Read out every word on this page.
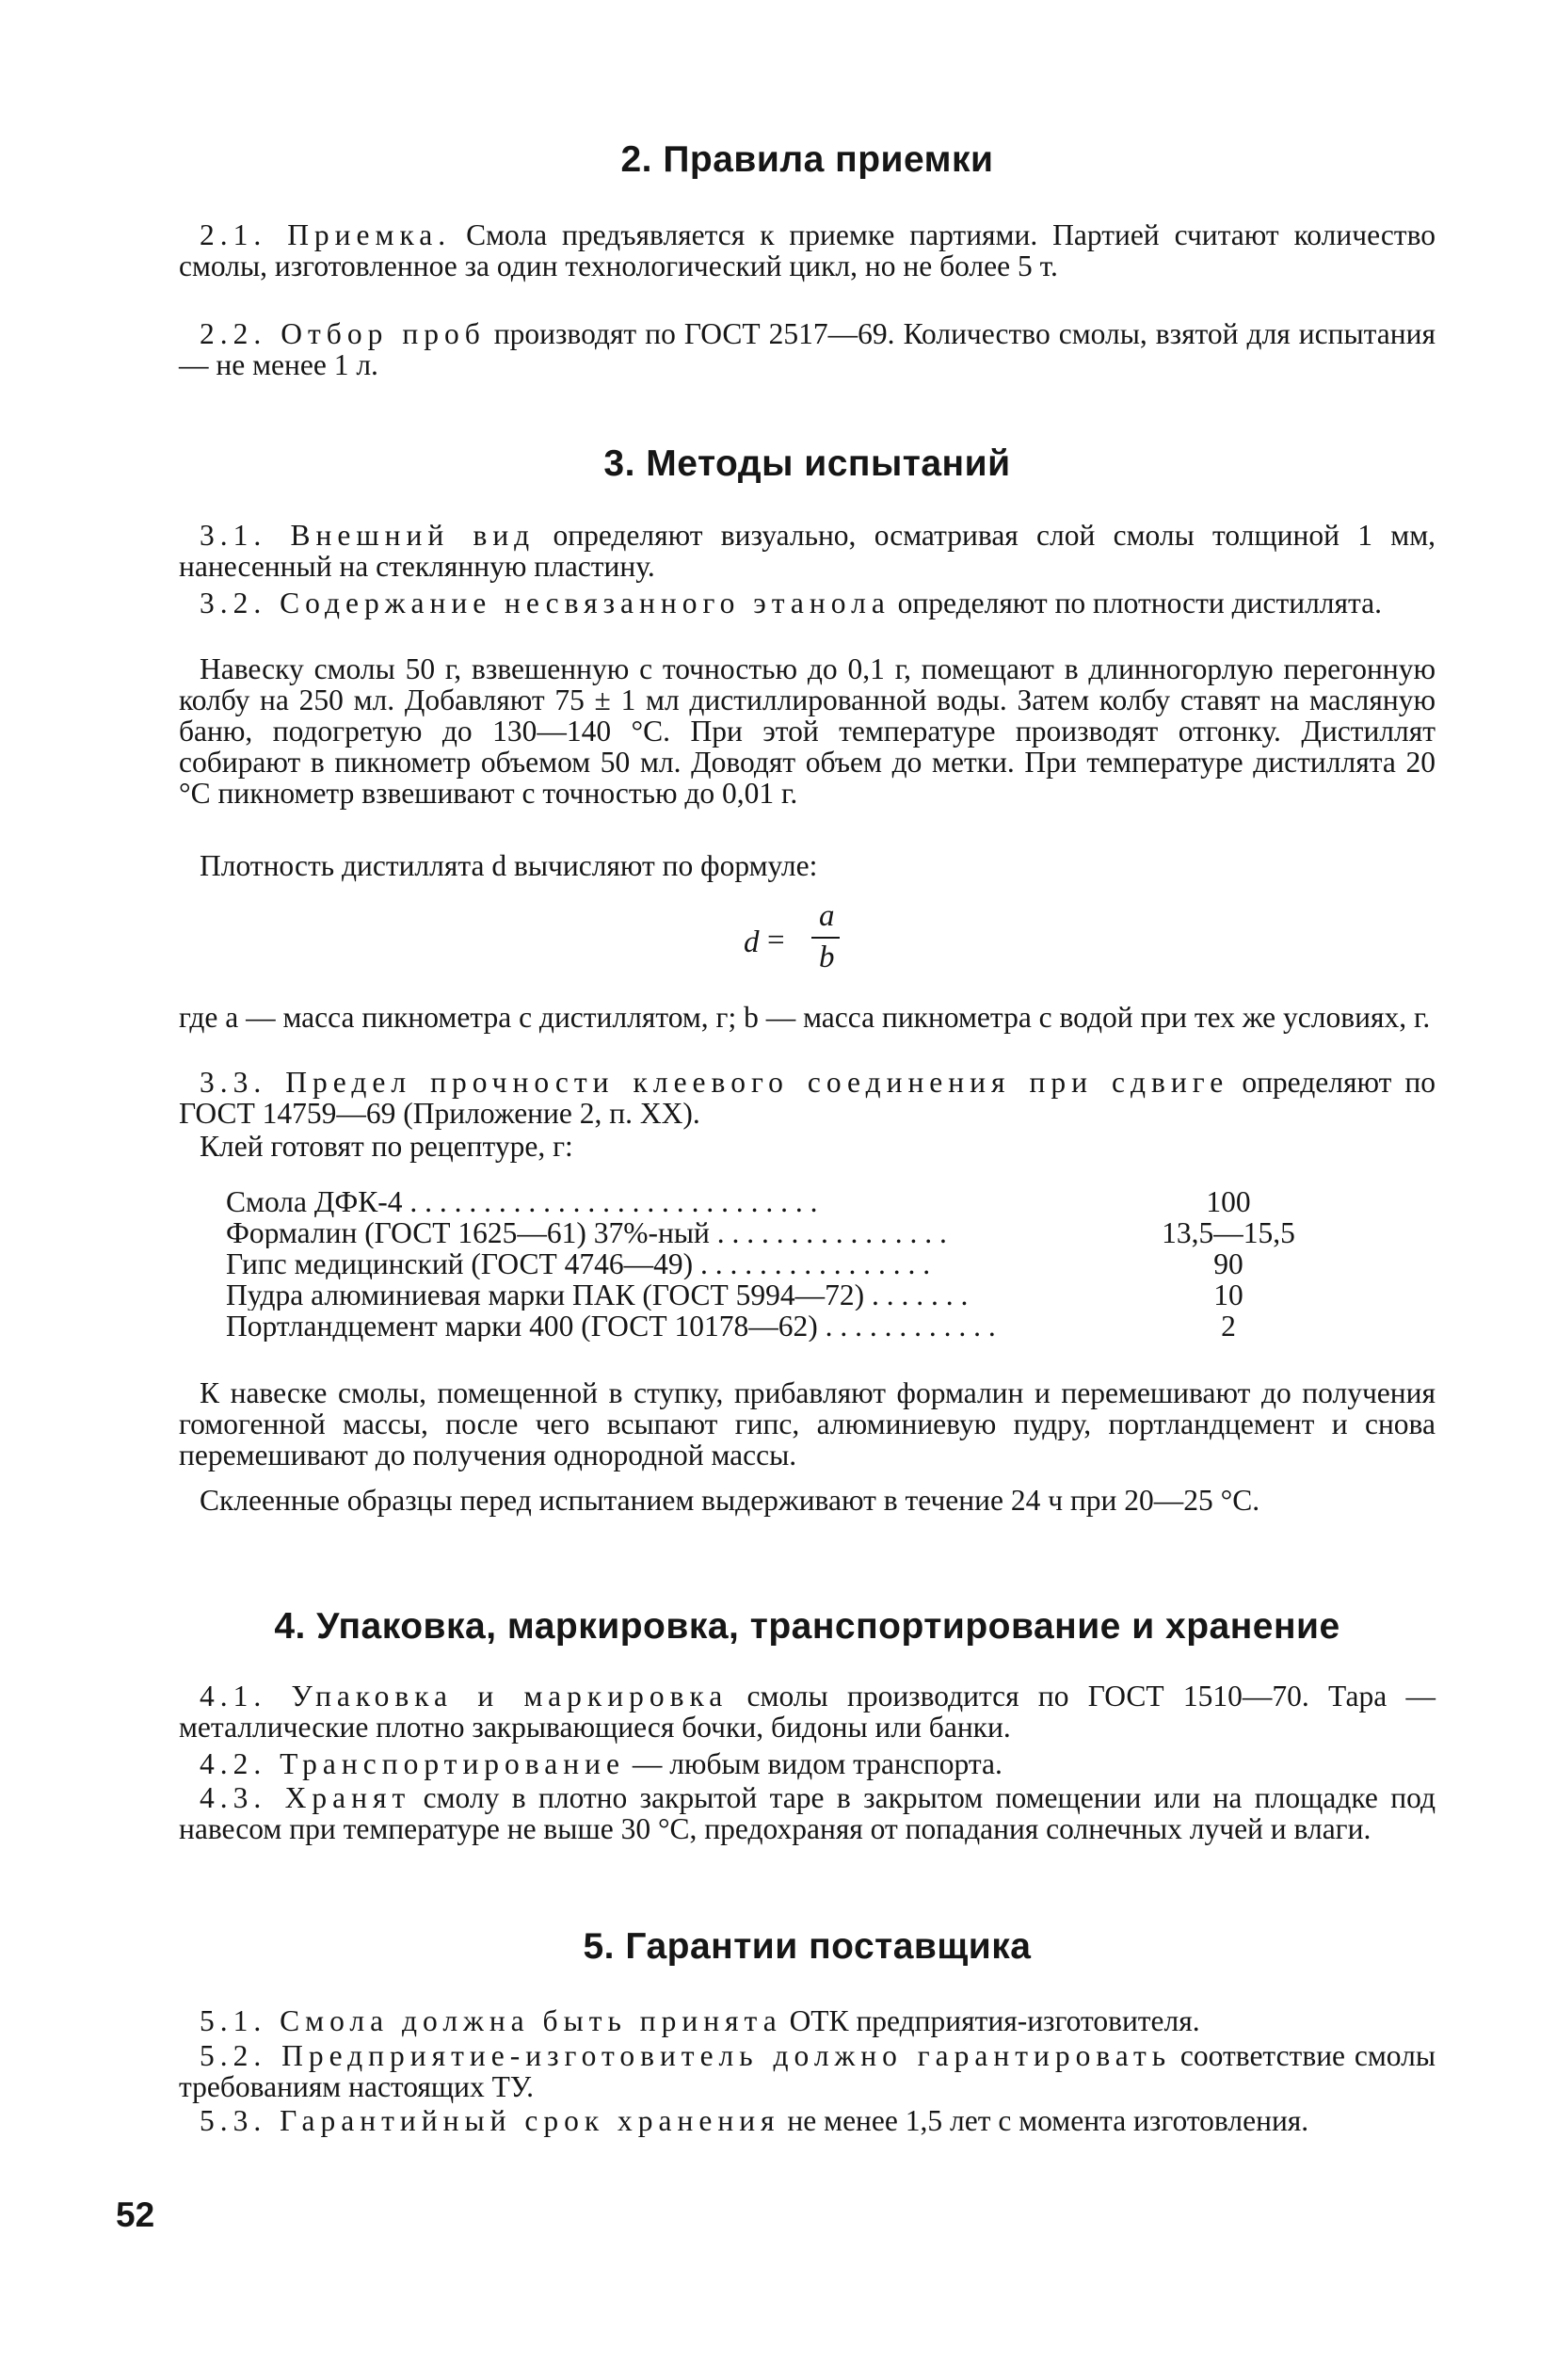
2. Правила приемки

2.1. Приемка. Смола предъявляется к приемке партиями. Партией считают количество смолы, изготовленное за один технологический цикл, но не более 5 т.

2.2. Отбор проб производят по ГОСТ 2517—69. Количество смолы, взятой для испытания — не менее 1 л.

3. Методы испытаний

3.1. Внешний вид определяют визуально, осматривая слой смолы толщиной 1 мм, нанесенный на стеклянную пластину.

3.2. Содержание несвязанного этанола определяют по плотности дистиллята.

Навеску смолы 50 г, взвешенную с точностью до 0,1 г, помещают в длинногорлую перегонную колбу на 250 мл. Добавляют 75 ± 1 мл дистиллированной воды. Затем колбу ставят на масляную баню, подогретую до 130—140 °С. При этой температуре производят отгонку. Дистиллят собирают в пикнометр объемом 50 мл. Доводят объем до метки. При температуре дистиллята 20 °С пикнометр взвешивают с точностью до 0,01 г.

Плотность дистиллята d вычисляют по формуле:

d =
a
b

где a — масса пикнометра с дистиллятом, г; b — масса пикнометра с водой при тех же условиях, г.

3.3. Предел прочности клеевого соединения при сдвиге определяют по ГОСТ 14759—69 (Приложение 2, п. XX).

Клей готовят по рецептуре, г:

Смола ДФК-4 . . . . . . . . . . . . . . . . . . . . . . . . . . . .	100
Формалин (ГОСТ 1625—61) 37%-ный . . . . . . . . . . . . . . . .	13,5—15,5
Гипс медицинский (ГОСТ 4746—49) . . . . . . . . . . . . . . . .	90
Пудра алюминиевая марки ПАК (ГОСТ 5994—72) . . . . . . .	10
Портландцемент марки 400 (ГОСТ 10178—62) . . . . . . . . . . . .	2

К навеске смолы, помещенной в ступку, прибавляют формалин и перемешивают до получения гомогенной массы, после чего всыпают гипс, алюминиевую пудру, портландцемент и снова перемешивают до получения однородной массы.

Склеенные образцы перед испытанием выдерживают в течение 24 ч при 20—25 °С.

4. Упаковка, маркировка, транспортирование и хранение

4.1. Упаковка и маркировка смолы производится по ГОСТ 1510—70. Тара — металлические плотно закрывающиеся бочки, бидоны или банки.

4.2. Транспортирование — любым видом транспорта.

4.3. Хранят смолу в плотно закрытой таре в закрытом помещении или на площадке под навесом при температуре не выше 30 °С, предохраняя от попадания солнечных лучей и влаги.

5. Гарантии поставщика

5.1. Смола должна быть принята ОТК предприятия-изготовителя.

5.2. Предприятие-изготовитель должно гарантировать соответствие смолы требованиям настоящих ТУ.

5.3. Гарантийный срок хранения не менее 1,5 лет с момента изготовления.

52
